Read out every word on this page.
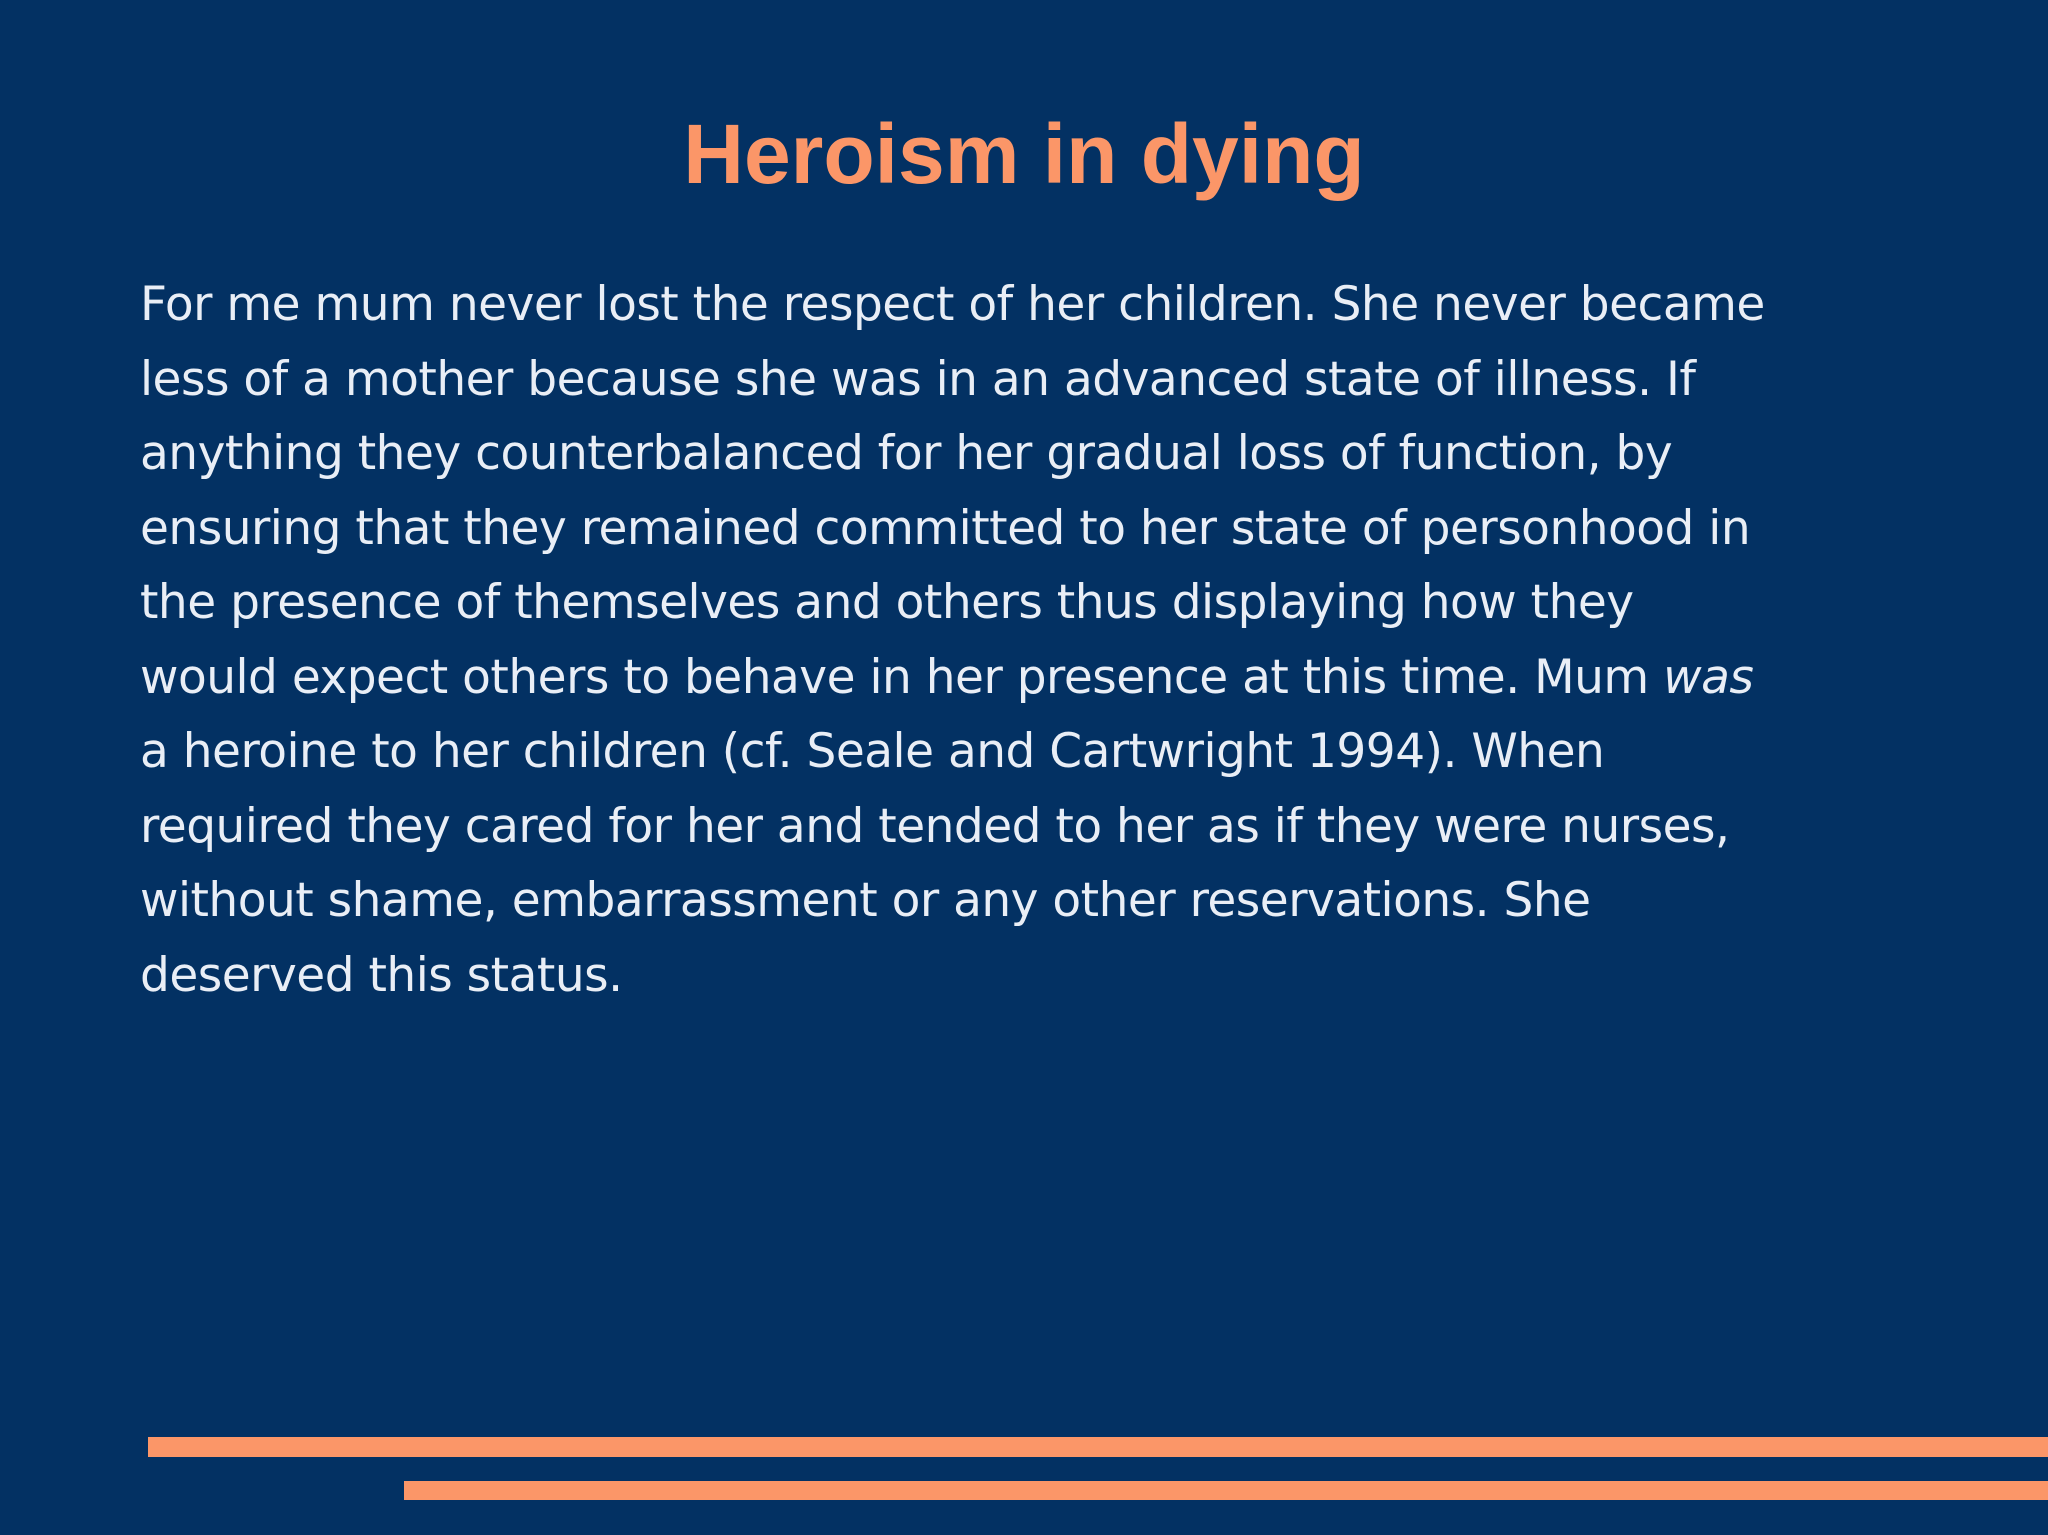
Heroism in dying
For me mum never lost the respect of her children. She never became
less of a mother because she was in an advanced state of illness. If
anything they counterbalanced for her gradual loss of function, by
ensuring that they remained committed to her state of personhood in
the presence of themselves and others thus displaying how they
would expect others to behave in her presence at this time. Mum was
a heroine to her children (cf. Seale and Cartwright 1994). When
required they cared for her and tended to her as if they were nurses,
without shame, embarrassment or any other reservations. She
deserved this status.
